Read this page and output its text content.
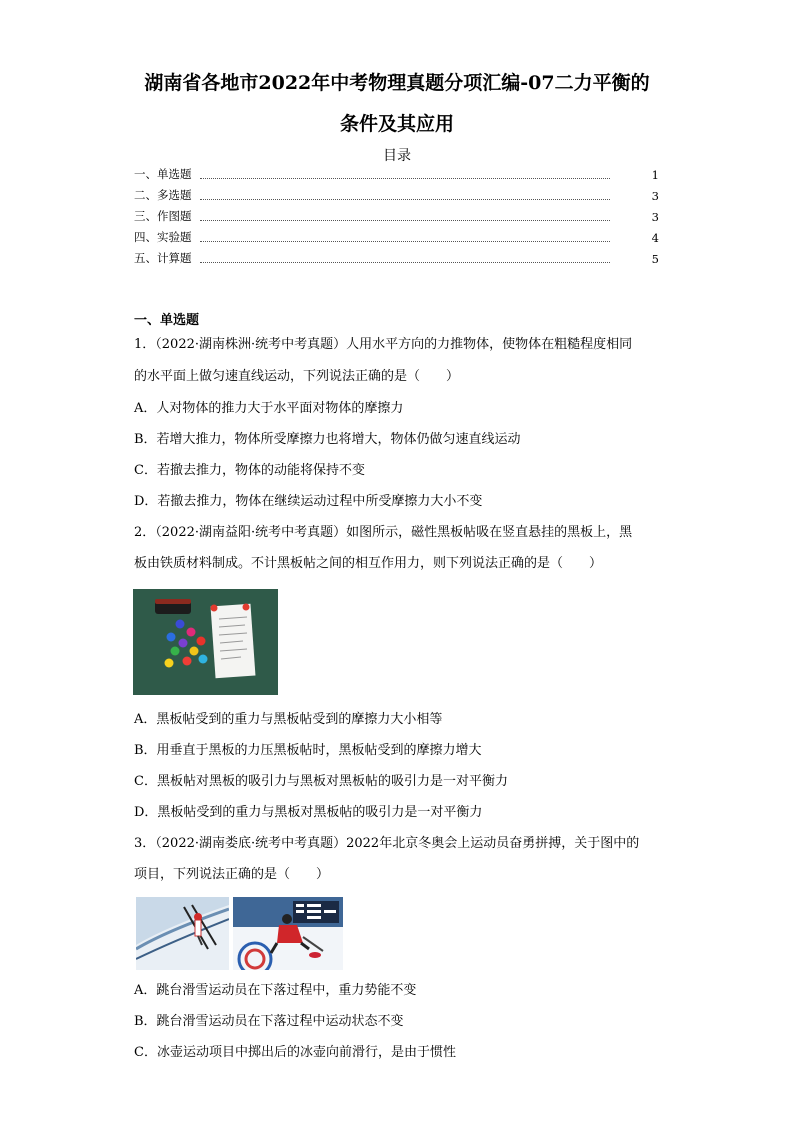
湖南省各地市2022年中考物理真题分项汇编-07二力平衡的
条件及其应用
目录
一、单选题	1
二、多选题	3
三、作图题	3
四、实验题	4
五、计算题	5
一、单选题
1．（2022·湖南株洲·统考中考真题）人用水平方向的力推物体，使物体在粗糙程度相同
的水平面上做匀速直线运动，下列说法正确的是（　　）
A．人对物体的推力大于水平面对物体的摩擦力
B．若增大推力，物体所受摩擦力也将增大，物体仍做匀速直线运动
C．若撤去推力，物体的动能将保持不变
D．若撤去推力，物体在继续运动过程中所受摩擦力大小不变
2．（2022·湖南益阳·统考中考真题）如图所示，磁性黑板帖吸在竖直悬挂的黑板上，黑
板由铁质材料制成。不计黑板帖之间的相互作用力，则下列说法正确的是（　　）
A．黑板帖受到的重力与黑板帖受到的摩擦力大小相等
B．用垂直于黑板的力压黑板帖时，黑板帖受到的摩擦力增大
C．黑板帖对黑板的吸引力与黑板对黑板帖的吸引力是一对平衡力
D．黑板帖受到的重力与黑板对黑板帖的吸引力是一对平衡力
3．（2022·湖南娄底·统考中考真题）2022年北京冬奥会上运动员奋勇拼搏，关于图中的
项目，下列说法正确的是（　　）
A．跳台滑雪运动员在下落过程中，重力势能不变
B．跳台滑雪运动员在下落过程中运动状态不变
C．冰壶运动项目中掷出后的冰壶向前滑行，是由于惯性
